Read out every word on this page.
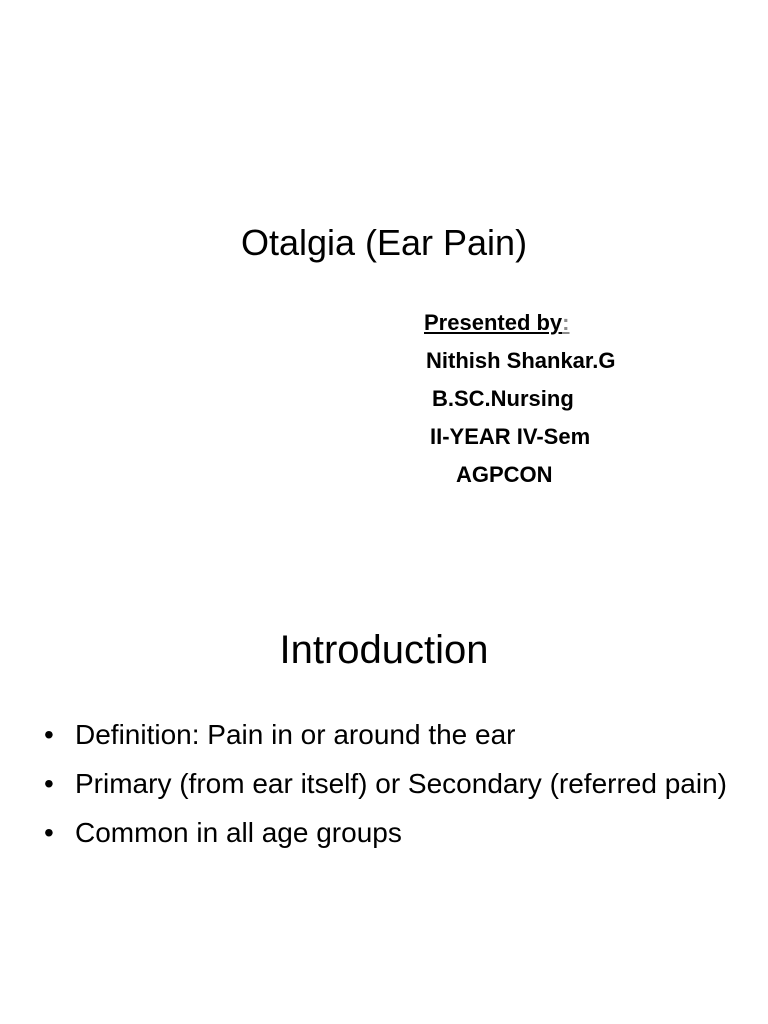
Otalgia (Ear Pain)
Presented by:
Nithish Shankar.G
B.SC.Nursing
II-YEAR IV-Sem
AGPCON
Introduction
• Definition: Pain in or around the ear
• Primary (from ear itself) or Secondary (referred pain)
• Common in all age groups
